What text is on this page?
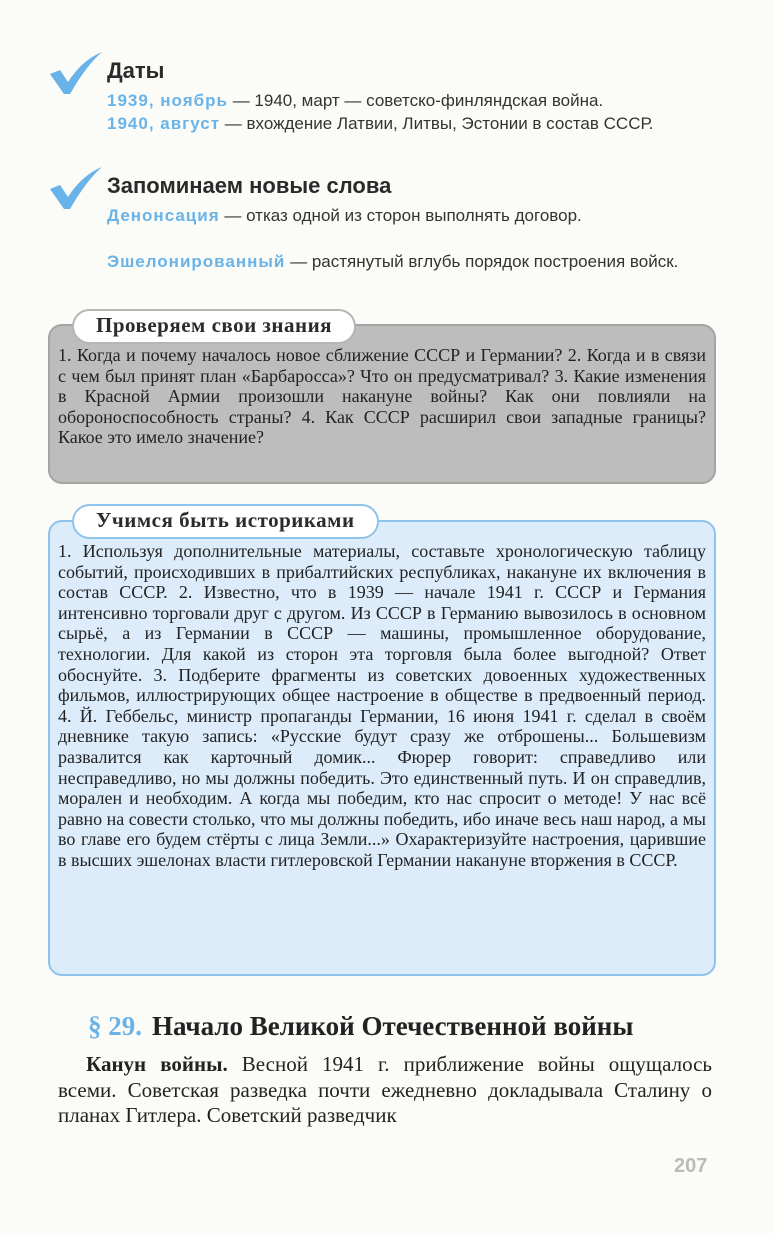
Даты
1939, ноябрь — 1940, март — советско-финляндская война.
1940, август — вхождение Латвии, Литвы, Эстонии в состав СССР.
Запоминаем новые слова
Денонсация — отказ одной из сторон выполнять договор.
Эшелонированный — растянутый вглубь порядок построения войск.
Проверяем свои знания
1. Когда и почему началось новое сближение СССР и Германии? 2. Когда и в связи с чем был принят план «Барбаросса»? Что он предусматривал? 3. Какие изменения в Красной Армии произошли накануне войны? Как они повлияли на обороноспособность страны? 4. Как СССР расширил свои западные границы? Какое это имело значение?
Учимся быть историками
1. Используя дополнительные материалы, составьте хронологическую таблицу событий, происходивших в прибалтийских республиках, накануне их включения в состав СССР. 2. Известно, что в 1939 — начале 1941 г. СССР и Германия интенсивно торговали друг с другом. Из СССР в Германию вывозилось в основном сырьё, а из Германии в СССР — машины, промышленное оборудование, технологии. Для какой из сторон эта торговля была более выгодной? Ответ обоснуйте. 3. Подберите фрагменты из советских довоенных художественных фильмов, иллюстрирующих общее настроение в обществе в предвоенный период. 4. Й. Геббельс, министр пропаганды Германии, 16 июня 1941 г. сделал в своём дневнике такую запись: «Русские будут сразу же отброшены... Большевизм развалится как карточный домик... Фюрер говорит: справедливо или несправедливо, но мы должны победить. Это единственный путь. И он справедлив, морален и необходим. А когда мы победим, кто нас спросит о методе! У нас всё равно на совести столько, что мы должны победить, ибо иначе весь наш народ, а мы во главе его будем стёрты с лица Земли...» Охарактеризуйте настроения, царившие в высших эшелонах власти гитлеровской Германии накануне вторжения в СССР.
§ 29. Начало Великой Отечественной войны
Канун войны. Весной 1941 г. приближение войны ощущалось всеми. Советская разведка почти ежедневно докладывала Сталину о планах Гитлера. Советский разведчик
207
